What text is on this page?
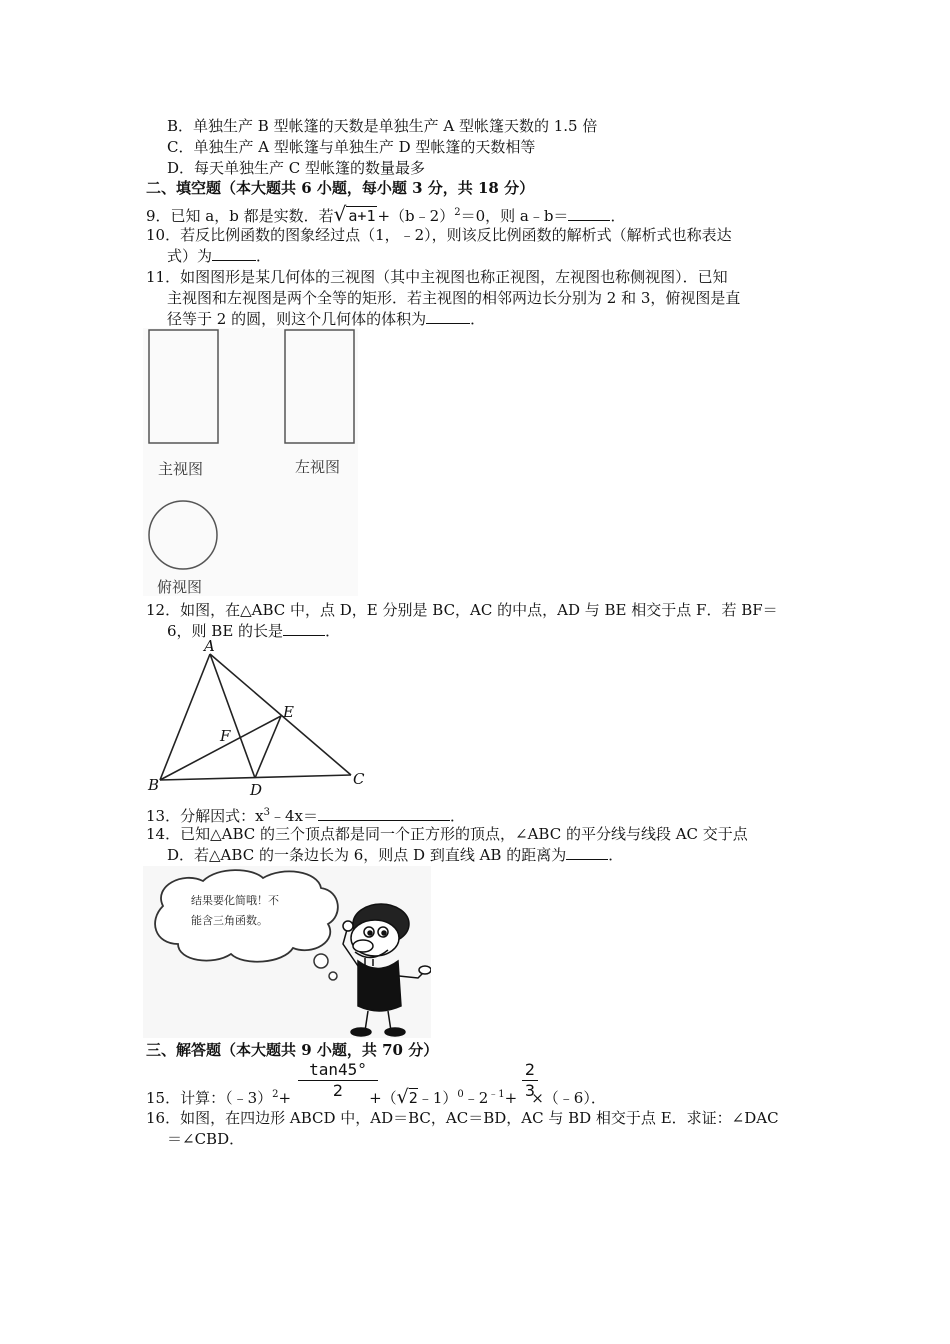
B．单独生产 B 型帐篷的天数是单独生产 A 型帐篷天数的 1.5 倍
C．单独生产 A 型帐篷与单独生产 D 型帐篷的天数相等
D．每天单独生产 C 型帐篷的数量最多
二、填空题（本大题共 6 小题，每小题 3 分，共 18 分）
9．已知 a，b 都是实数．若√ a+1 +（b﹣2）$^2$＝0，则 a﹣b＝	．
10．若反比例函数的图象经过点（1，﹣2），则该反比例函数的解析式（解析式也称表达
式）为	．
11．如图图形是某几何体的三视图（其中主视图也称正视图，左视图也称侧视图）．已知
主视图和左视图是两个全等的矩形．若主视图的相邻两边长分别为 2 和 3，俯视图是直
径等于 2 的圆，则这个几何体的体积为	．
主视图	左视图
俯视图
12．如图，在△ABC 中，点 D，E 分别是 BC，AC 的中点，AD 与 BE 相交于点 F．若 BF＝
6，则 BE 的长是	．
A
B	C
D
E
F
13．分解因式：$x^3﹣4x=$	．
14．已知△ABC 的三个顶点都是同一个正方形的顶点，∠ABC 的平分线与线段 AC 交于点
D．若△ABC 的一条边长为 6，则点 D 到直线 AB 的距离为	．
结果要化简哦！不
能含三角函数。
三、解答题（本大题共 9 小题，共 70 分）
15．计算：（﹣3）$^2$+	$+(√2﹣1)^0﹣2^{﹣1}+$ ×（﹣6）．
$\frac{\tan 45^\circ}{2}$	$\frac{2}{3}$
16．如图，在四边形 ABCD 中，AD＝BC，AC＝BD，AC 与 BD 相交于点 E．求证：∠DAC
＝∠CBD．
